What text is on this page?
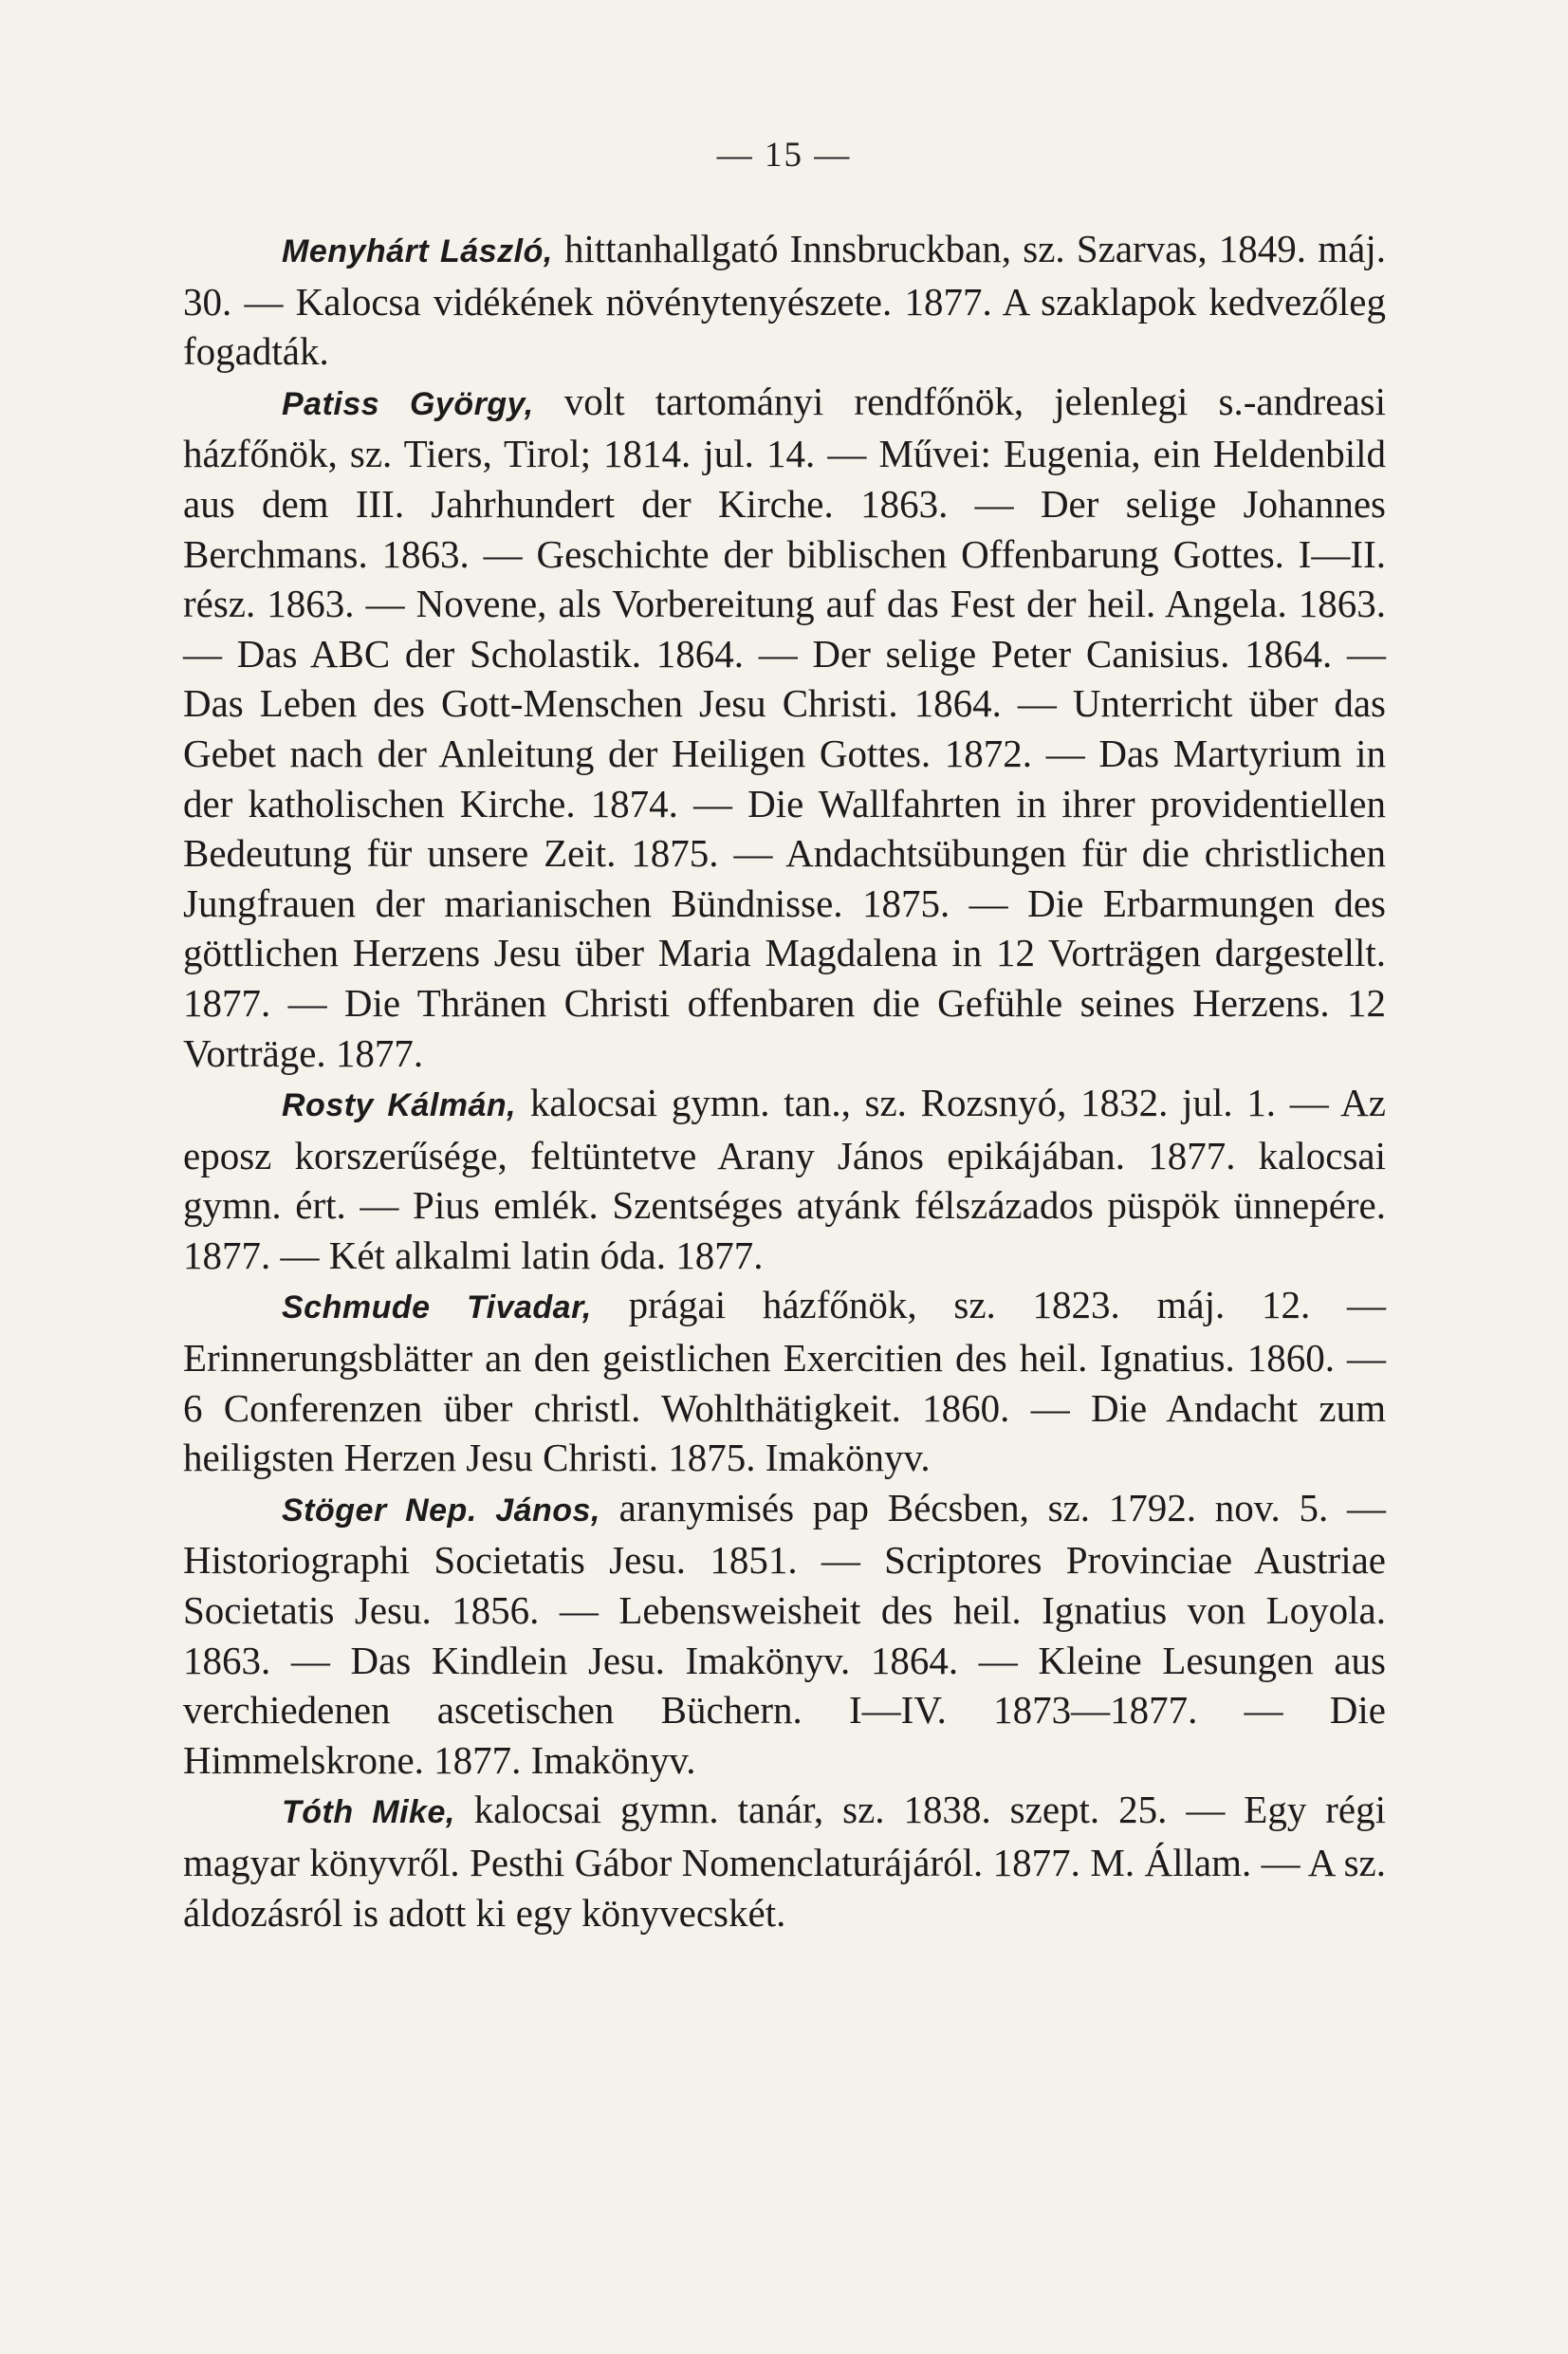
— 15 —

Menyhárt László, hittanhallgató Innsbruckban, sz. Szarvas, 1849. máj. 30. — Kalocsa vidékének növénytenyészete. 1877. A szaklapok kedvezőleg fogadták.

Patiss György, volt tartományi rendfőnök, jelenlegi s.-andreasi házfőnök, sz. Tiers, Tirol; 1814. jul. 14. — Művei: Eugenia, ein Heldenbild aus dem III. Jahrhundert der Kirche. 1863. — Der selige Johannes Berchmans. 1863. — Geschichte der biblischen Offenbarung Gottes. I—II. rész. 1863. — Novene, als Vorbereitung auf das Fest der heil. Angela. 1863. — Das ABC der Scholastik. 1864. — Der selige Peter Canisius. 1864. — Das Leben des Gott-Menschen Jesu Christi. 1864. — Unterricht über das Gebet nach der Anleitung der Heiligen Gottes. 1872. — Das Martyrium in der katholischen Kirche. 1874. — Die Wallfahrten in ihrer providentiellen Bedeutung für unsere Zeit. 1875. — Andachtsübungen für die christlichen Jungfrauen der marianischen Bündnisse. 1875. — Die Erbarmungen des göttlichen Herzens Jesu über Maria Magdalena in 12 Vorträgen dargestellt. 1877. — Die Thränen Christi offenbaren die Gefühle seines Herzens. 12 Vorträge. 1877.

Rosty Kálmán, kalocsai gymn. tan., sz. Rozsnyó, 1832. jul. 1. — Az eposz korszerűsége, feltüntetve Arany János epikájában. 1877. kalocsai gymn. ért. — Pius emlék. Szentséges atyánk félszázados püspök ünnepére. 1877. — Két alkalmi latin óda. 1877.

Schmude Tivadar, prágai házfőnök, sz. 1823. máj. 12. — Erinnerungsblätter an den geistlichen Exercitien des heil. Ignatius. 1860. — 6 Conferenzen über christl. Wohlthätigkeit. 1860. — Die Andacht zum heiligsten Herzen Jesu Christi. 1875. Imakönyv.

Stöger Nep. János, aranymisés pap Bécsben, sz. 1792. nov. 5. — Historiographi Societatis Jesu. 1851. — Scriptores Provinciae Austriae Societatis Jesu. 1856. — Lebensweisheit des heil. Ignatius von Loyola. 1863. — Das Kindlein Jesu. Imakönyv. 1864. — Kleine Lesungen aus verchiedenen ascetischen Büchern. I—IV. 1873—1877. — Die Himmelskrone. 1877. Imakönyv.

Tóth Mike, kalocsai gymn. tanár, sz. 1838. szept. 25. — Egy régi magyar könyvről. Pesthi Gábor Nomenclaturájáról. 1877. M. Állam. — A sz. áldozásról is adott ki egy könyvecskét.
